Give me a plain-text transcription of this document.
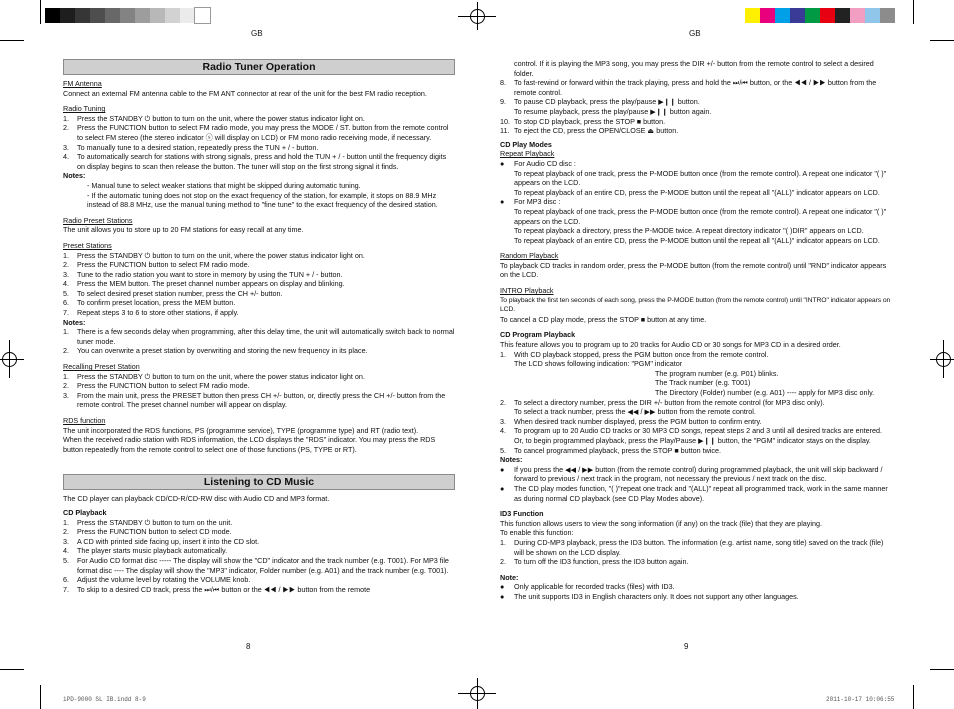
GB	GB
Radio Tuner Operation

FM Antenna

Connect an external FM antenna cable to the FM ANT connector at rear of the unit for the best FM radio reception.

Radio Tuning

1. Press the STANDBY ⏻ button to turn on the unit, where the power status indicator light on.
2. Press the FUNCTION button to select FM radio mode, you may press the MODE / ST. button from the remote control to select FM stereo (the stereo indicator ⓢ will display on LCD) or FM mono radio receiving mode, if necessary.
3. To manually tune to a desired station, repeatedly press the TUN + / - button.
4. To automatically search for stations with strong signals, press and hold the TUN + / - button until the frequency digits on display begins to scan then release the button. The tuner will stop on the first strong signal it finds.

Notes:

- Manual tune to select weaker stations that might be skipped during automatic tuning.

- If the automatic tuning does not stop on the exact frequency of the station, for example, it stops on 88.9 MHz instead of 88.8 MHz, use the manual tuning method to "fine tune" to the exact frequency of the desired station.

Radio Preset Stations

The unit allows you to store up to 20 FM stations for easy recall at any time.

Preset Stations

1. Press the STANDBY ⏻ button to turn on the unit, where the power status indicator light on.
2. Press the FUNCTION button to select FM radio mode.
3. Tune to the radio station you want to store in memory by using the TUN + / - button.
4. Press the MEM button. The preset channel number appears on display and blinking.
5. To select desired preset station number, press the CH +/- button.
6. To confirm preset location, press the MEM button.
7. Repeat steps 3 to 6 to store other stations, if apply.

Notes:

1. There is a few seconds delay when programming, after this delay time, the unit will automatically switch back to normal tuner mode.
2. You can overwrite a preset station by overwriting and storing the new frequency in its place.

Recalling Preset Station

1. Press the STANDBY ⏻ button to turn on the unit, where the power status indicator light on.
2. Press the FUNCTION button to select FM radio mode.
3. From the main unit, press the PRESET button then press CH +/- button, or, directly press the CH +/- button from the remote control. The preset channel number will appear on display.

RDS function

The unit incorporated the RDS functions, PS (programme service), TYPE (programme type) and RT (radio text).

When the received radio station with RDS information, the LCD displays the "RDS" indicator. You may press the RDS button repeatedly from the remote control to select one of those functions (PS, TYPE or RT).

Listening to CD Music

The CD player can playback CD/CD-R/CD-RW disc with Audio CD and MP3 format.

CD Playback

1. Press the STANDBY ⏻ button to turn on the unit.
2. Press the FUNCTION button to select CD mode.
3. A CD with printed side facing up, insert it into the CD slot.
4. The player starts music playback automatically.
5. For Audio CD format disc ----- The display will show the "CD" indicator and the track number (e.g. T001). For MP3 file format disc ---- The display will show the "MP3" indicator, Folder number (e.g. A01) and the track number (e.g. T001).
6. Adjust the volume level by rotating the VOLUME knob.
7. To skip to a desired CD track, press the ⏭/⏮ button or the ◀◀ / ▶▶ button from the remote
8

control. If it is playing the MP3 song, you may press the DIR +/- button from the remote control to select a desired folder.

8. To fast-rewind or forward within the track playing, press and hold the ⏭/⏮ button, or the ◀◀ / ▶▶ button from the remote control.
9. To pause CD playback, press the play/pause ▶❙❙ button.
To resume playback, press the play/pause ▶❙❙ button again.
10. To stop CD playback, press the STOP ■ button.
11. To eject the CD, press the OPEN/CLOSE ⏏ button.

CD Play Modes

Repeat Playback

● For Audio CD disc :

To repeat playback of one track, press the P-MODE button once (from the remote control). A repeat one indicator "( )" appears on the LCD.

To repeat playback of an entire CD, press the P-MODE button until the repeat all "(ALL)" indicator appears on LCD.

● For MP3 disc :

To repeat playback of one track, press the P-MODE button once (from the remote control). A repeat one indicator "( )" appears on the LCD.

To repeat playback a directory, press the P-MODE twice. A repeat directory indicator "( )DIR" appears on LCD.

To repeat playback of an entire CD, press the P-MODE button until the repeat all "(ALL)" indicator appears on LCD.

Random Playback

To playback CD tracks in random order, press the P-MODE button (from the remote control) until "RND" indicator appears on the LCD.

INTRO Playback

To playback the first ten seconds of each song, press the P-MODE button (from the remote control) until "INTRO" indicator appears on LCD.

To cancel a CD play mode, press the STOP ■ button at any time.

CD Program Playback

This feature allows you to program up to 20 tracks for Audio CD or 30 songs for MP3 CD in a desired order.

1. With CD playback stopped, press the PGM button once from the remote control.
The LCD shows following indication: "PGM" indicator
The program number (e.g. P01) blinks.
The Track number (e.g. T001)
The Directory (Folder) number (e.g. A01) ---- apply for MP3 disc only.
2. To select a directory number, press the DIR +/- button from the remote control (for MP3 disc only).
To select a track number, press the ◀◀ / ▶▶ button from the remote control.
3. When desired track number displayed, press the PGM button to confirm entry.
4. To program up to 20 Audio CD tracks or 30 MP3 CD songs, repeat steps 2 and 3 until all desired tracks are entered.
Or, to begin programmed playback, press the Play/Pause ▶❙❙ button, the "PGM" indicator stays on the display.
5. To cancel programmed playback, press the STOP ■ button twice.

Notes:

● If you press the ◀◀ / ▶▶ button (from the remote control) during programmed playback, the unit will skip backward / forward to previous / next track in the program, not necessary the previous / next track on the disc.
● The CD play modes function, "( )"repeat one track and "(ALL)" repeat all programmed track, work in the same manner as during normal CD playback (see CD Play Modes above).

ID3 Function

This function allows users to view the song information (if any) on the track (file) that they are playing.

To enable this function:

1. During CD-MP3 playback, press the ID3 button. The information (e.g. artist name, song title) saved on the track (file) will be shown on the LCD display.
2. To turn off the ID3 function, press the ID3 button again.

Note:

● Only applicable for recorded tracks (files) with ID3.
● The unit supports ID3 in English characters only. It does not support any other languages.
9
iPD-9000 SL IB.indd 8-9	2011-10-17 10:06:55
